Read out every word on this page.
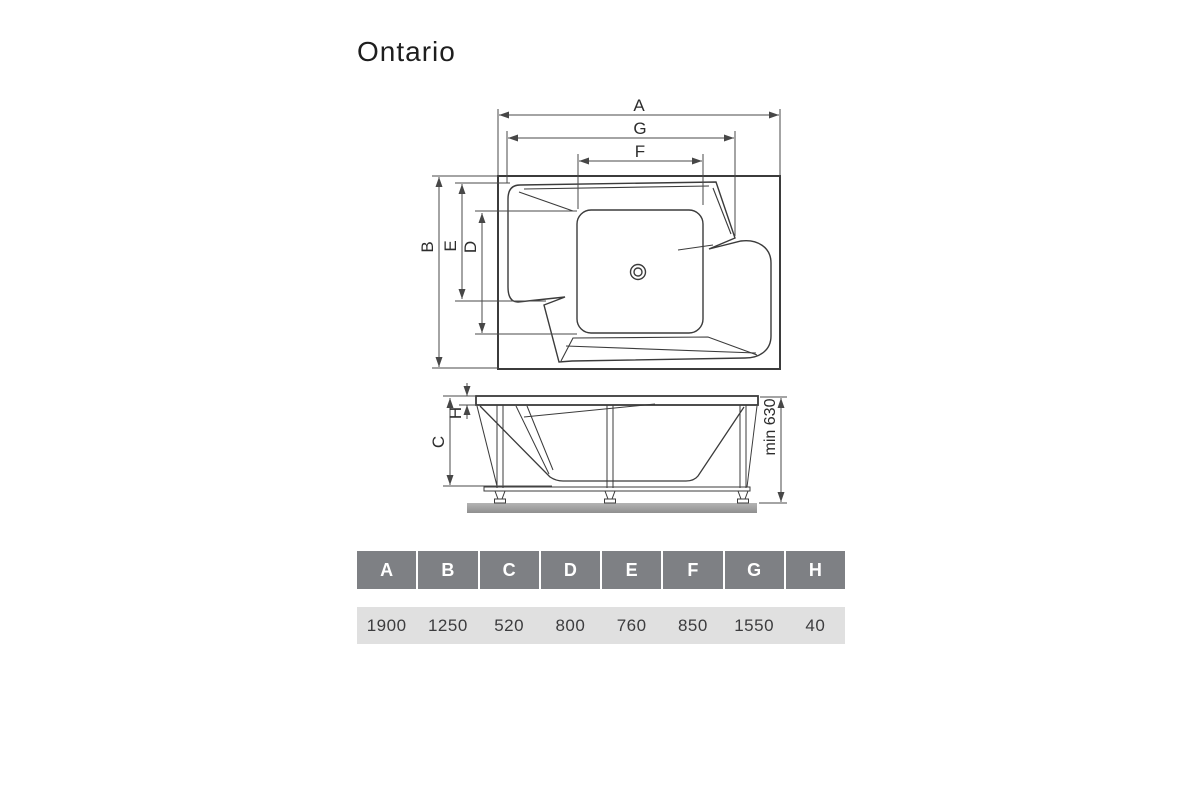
Ontario
A
G
F
B E D
H
C	min 630
A	B	C	D	E	F	G	H
1900	1250	520	800	760	850	1550	40
